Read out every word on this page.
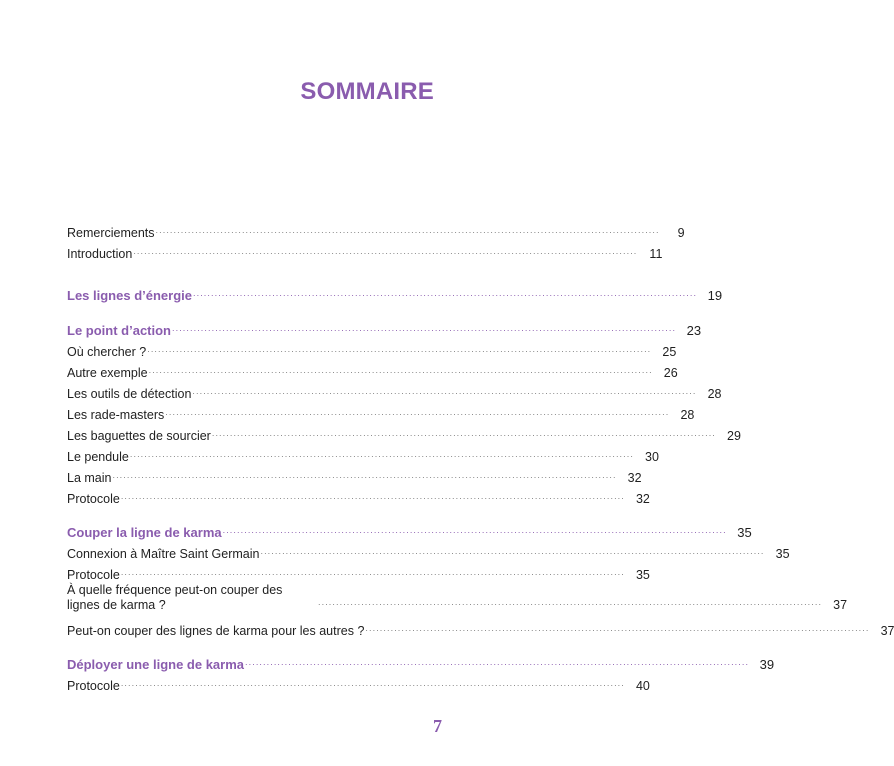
SOMMAIRE
Remerciements ............................................................................................................................................	9
Introduction ............................................................................................................................................ 11
Les lignes d’énergie ............................................................................................................................................ 19
Le point d’action ............................................................................................................................................ 23
Où chercher ? ............................................................................................................................................ 25
Autre exemple ............................................................................................................................................ 26
Les outils de détection ............................................................................................................................................ 28
Les rade-masters ............................................................................................................................................ 28
Les baguettes de sourcier ............................................................................................................................................ 29
Le pendule ............................................................................................................................................ 30
La main ............................................................................................................................................ 32
Protocole ............................................................................................................................................ 32
Couper la ligne de karma ............................................................................................................................................ 35
Connexion à Maître Saint Germain ............................................................................................................................................ 35
Protocole ............................................................................................................................................ 35
À quelle fréquence peut-on couper des lignes de karma ?	............................................................................................................................................ 37
Peut-on couper des lignes de karma pour les autres ? ............................................................................................................................................ 37
Déployer une ligne de karma ............................................................................................................................................ 39
Protocole ............................................................................................................................................ 40
7
